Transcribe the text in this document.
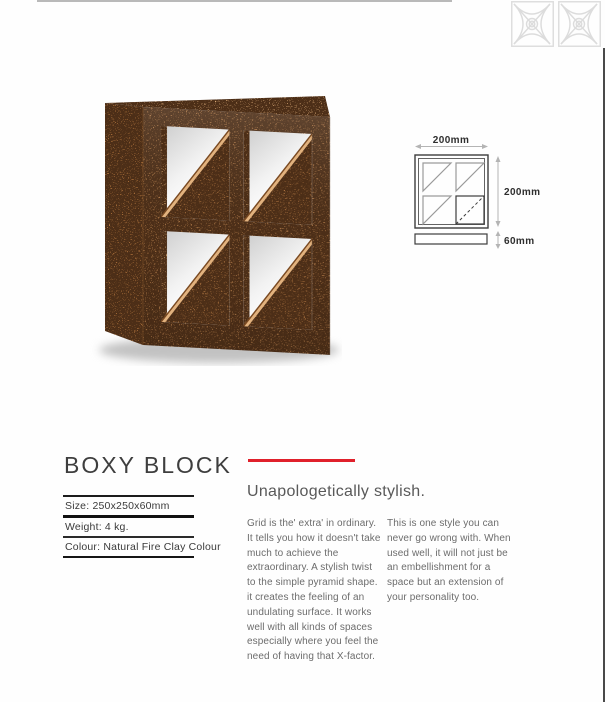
200mm
200mm
60mm
BOXY BLOCK
Size: 250x250x60mm
Weight: 4 kg.
Colour: Natural Fire Clay Colour
Unapologetically stylish.

Grid is the' extra' in ordinary. It tells you how it doesn't take much to achieve the extraordinary. A stylish twist to the simple pyramid shape. it creates the feeling of an undulating surface. It works well with all kinds of spaces especially where you feel the need of having that X-factor.

This is one style you can never go wrong with. When used well, it will not just be an embellishment for a space but an extension of your personality too.
